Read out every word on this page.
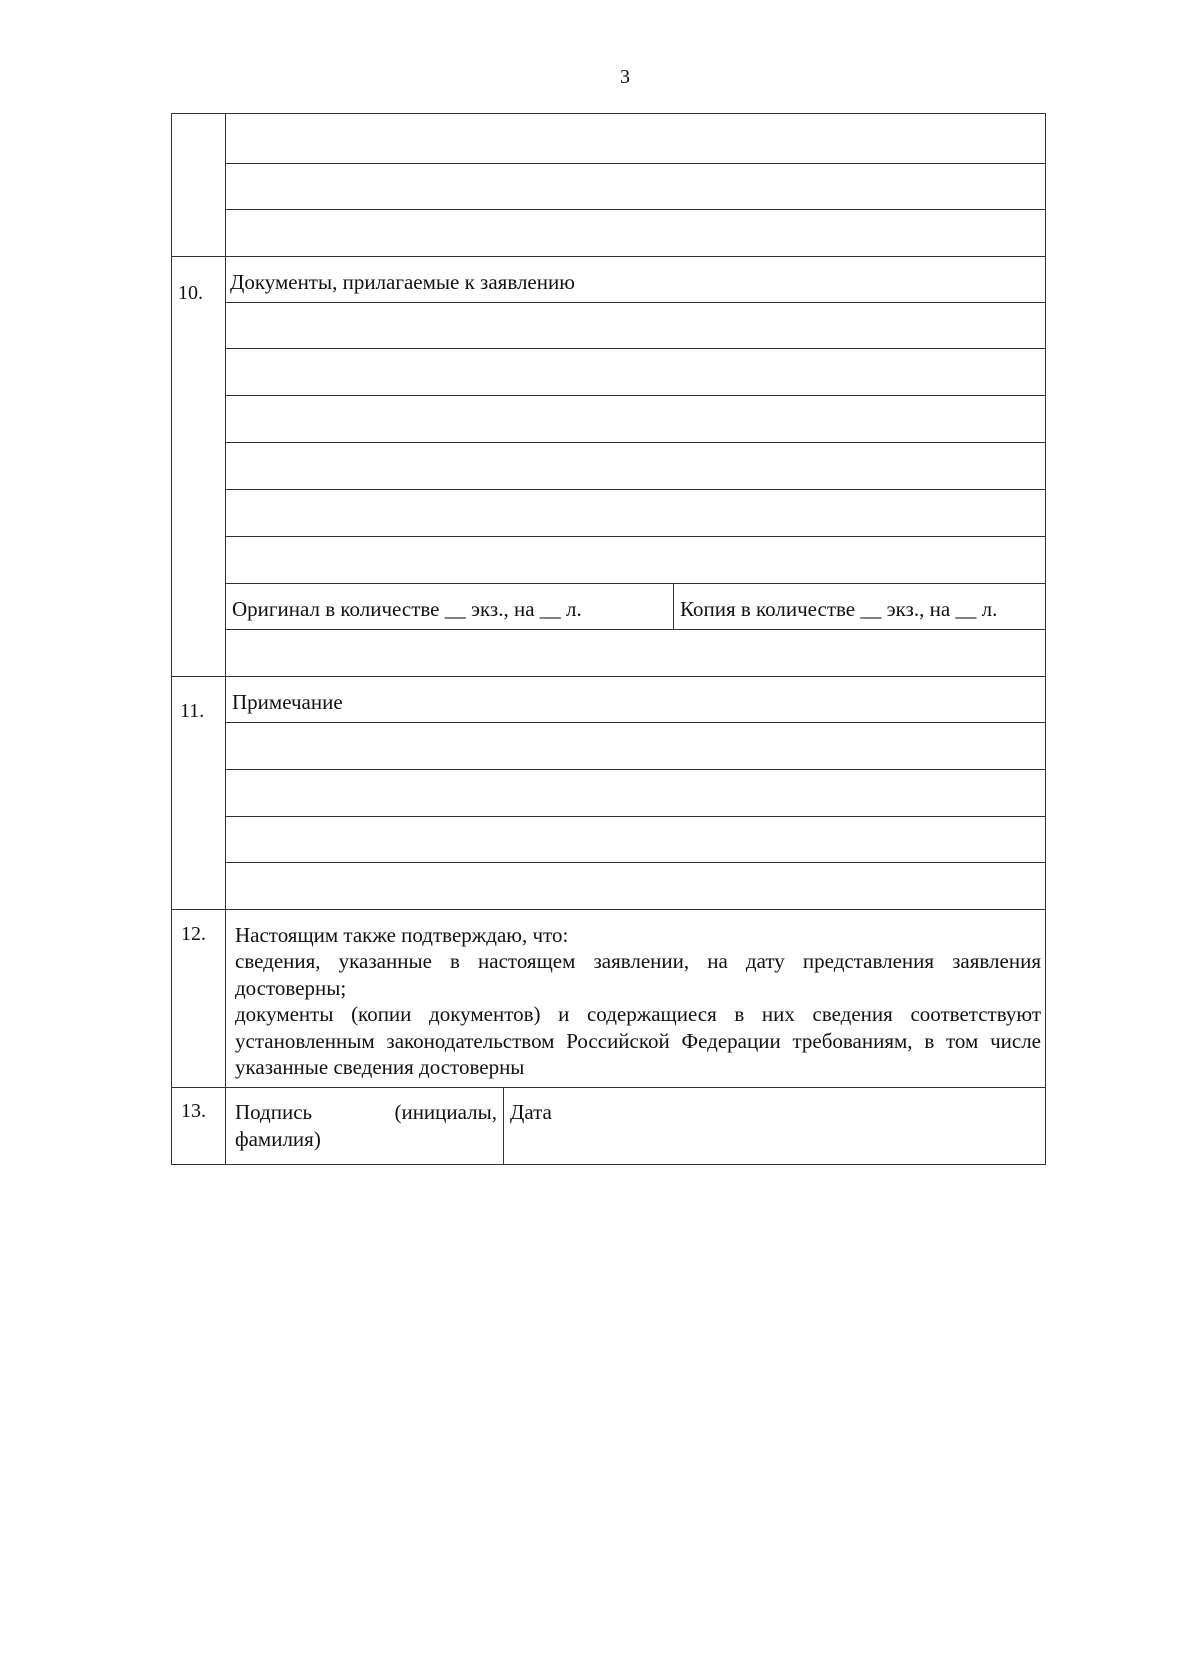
3
10. Документы, прилагаемые к заявлению
Оригинал в количестве __ экз., на __ л.	Копия в количестве __ экз., на __ л.
11. Примечание
12. Настоящим также подтверждаю, что:
сведения, указанные в настоящем заявлении, на дату представления заявления достоверны;
документы (копии документов) и содержащиеся в них сведения соответствуют установленным законодательством Российской Федерации требованиям, в том числе указанные сведения достоверны
13. Подпись (инициалы, фамилия)
Дата
